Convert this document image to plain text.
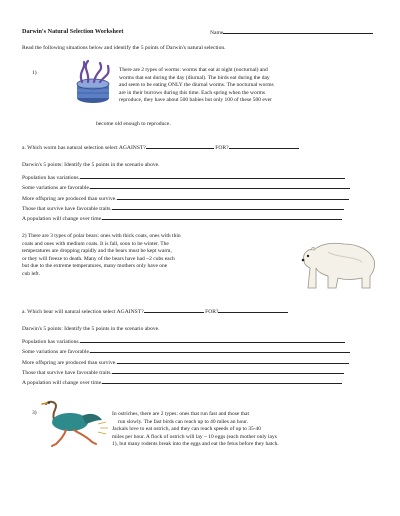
Darwin's Natural Selection Worksheet	Name
Read the following situations below and identify the 5 points of Darwin's natural selection.
1)	There are 2 types of worms: worms that eat at night (nocturnal) and
worms that eat during the day (diurnal). The birds eat during the day
and seem to be eating ONLY the diurnal worms. The nocturnal worms
are in their burrows during this time. Each spring when the worms
reproduce, they have about 500 babies but only 100 of these 500 ever
become old enough to reproduce.
a. Which worm has natural selection select AGAINST?	FOR?
Darwin's 5 points: Identify the 5 points in the scenario above.
Population has variations.
Some variations are favorable.
More offspring are produced than survive.
Those that survive have favorable traits.
A population will change over time.
2) There are 3 types of polar bears: ones with thick coats, ones with thin
coats and ones with medium coats. It is fall, soon to be winter. The
temperatures are dropping rapidly and the bears must be kept warm,
or they will freeze to death. Many of the bears have had ~2 cubs each
but due to the extreme temperatures, many mothers only have one
cub left.
a. Which bear will natural selection select AGAINST?	FOR?
Darwin's 5 points: Identify the 5 points in the scenario above.
Population has variations.
Some variations are favorable.
More offspring are produced than survive.
Those that survive have favorable traits.
A population will change over time.
3)	In ostriches, there are 2 types: ones that run fast and those that
run slowly. The fast birds can reach up to 40 miles an hour.
Jackals love to eat ostrich, and they can reach speeds of up to 35-40
miles per hour. A flock of ostrich will lay ~ 10 eggs (each mother only lays
1), but many rodents break into the eggs and eat the fetus before they hatch.
